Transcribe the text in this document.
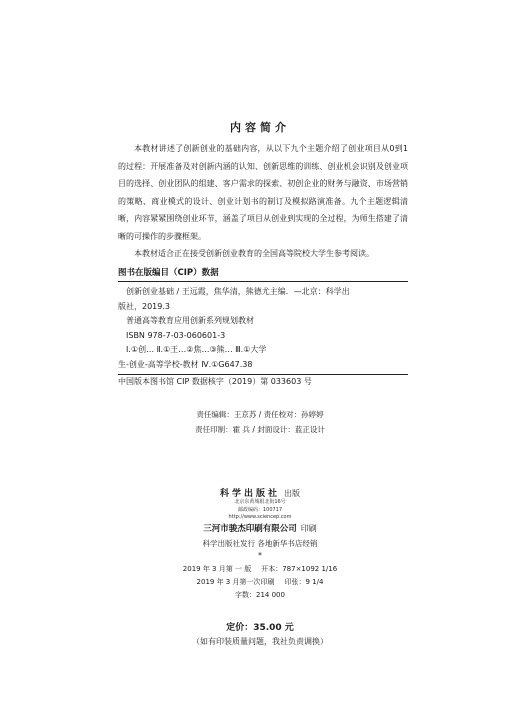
内容简介

本教材讲述了创新创业的基础内容，从以下九个主题介绍了创业项目从0到1的过程：开展准备及对创新内涵的认知、创新思维的训练、创业机会识别及创业项目的选择、创业团队的组建、客户需求的探索、初创企业的财务与融资、市场营销的策略、商业模式的设计、创业计划书的制订及模拟路演准备。九个主题逻辑清晰，内容紧紧围绕创业环节，涵盖了项目从创业到实现的全过程，为师生搭建了清晰的可操作的步骤框架。

本教材适合正在接受创新创业教育的全国高等院校大学生参考阅读。

图书在版编目（CIP）数据
创新创业基础 / 王远霞，焦华清，熊德尤主编．—北京：科学出
版社，2019.3
普通高等教育应用创新系列规划教材
ISBN 978-7-03-060601-3
Ⅰ.①创… Ⅱ.①王…②焦…③熊… Ⅲ.①大学
生-创业-高等学校-教材 Ⅳ.①G647.38
中国版本图书馆 CIP 数据核字（2019）第 033603 号
责任编辑：王京苏 / 责任校对：孙婷婷
责任印制：霍 兵 / 封面设计：蓝正设计
科学出版社 出版
北京东黄城根北街16号
邮政编码：100717
http://www.sciencep.com
三河市骏杰印刷有限公司 印刷
科学出版社发行 各地新华书店经销
*
2019 年 3 月第 一 版 开本：787×1092 1/16
2019 年 3 月第一次印刷 印张：9 1/4
字数：214 000
定价：35.00 元
（如有印装质量问题，我社负责调换）
